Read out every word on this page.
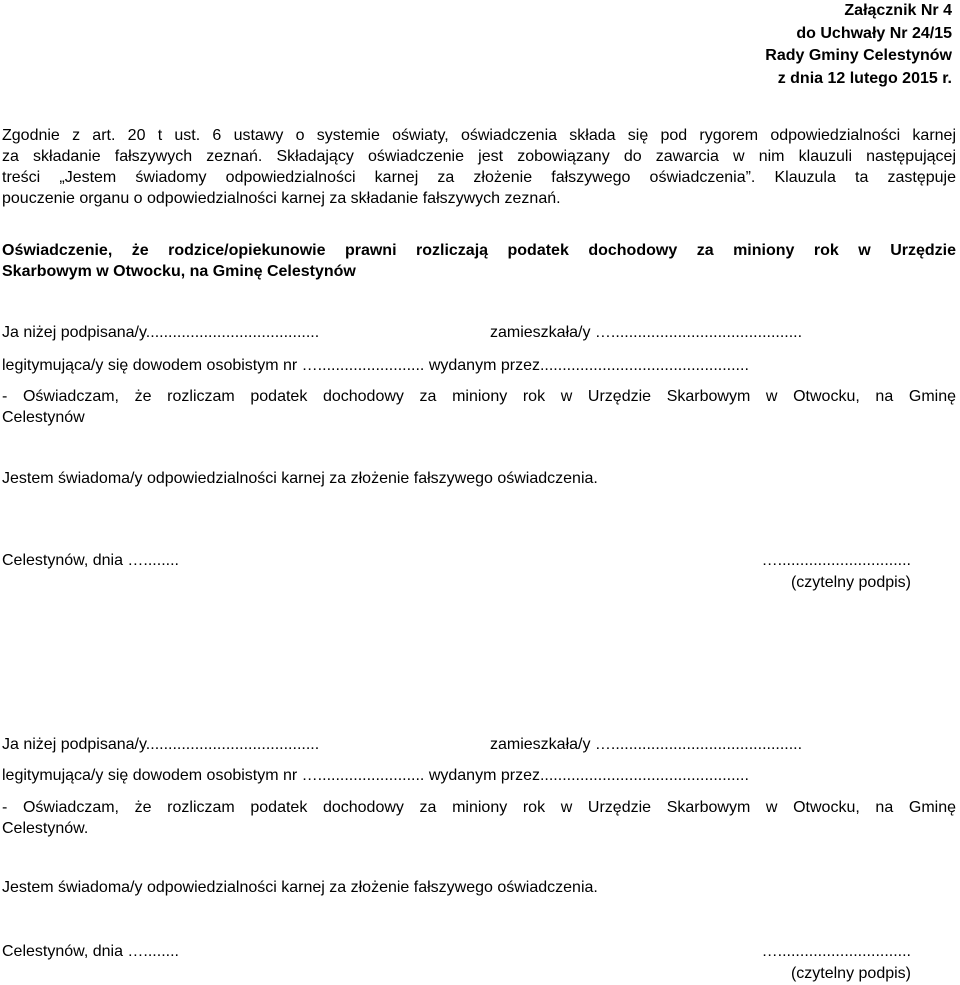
Załącznik Nr 4
do Uchwały Nr 24/15
Rady Gminy Celestynów
z dnia 12 lutego 2015 r.
Zgodnie z art. 20 t ust. 6 ustawy o systemie oświaty, oświadczenia składa się pod rygorem odpowiedzialności karnej
za składanie fałszywych zeznań. Składający oświadczenie jest zobowiązany do zawarcia w nim klauzuli następującej
treści „Jestem świadomy odpowiedzialności karnej za złożenie fałszywego oświadczenia”. Klauzula ta zastępuje
pouczenie organu o odpowiedzialności karnej za składanie fałszywych zeznań.
Oświadczenie, że rodzice/opiekunowie prawni rozliczają podatek dochodowy za miniony rok w Urzędzie
Skarbowym w Otwocku, na Gminę Celestynów
Ja niżej podpisana/y.......................................	zamieszkała/y …...........................................
legitymująca/y się dowodem osobistym nr …........................ wydanym przez...............................................
- Oświadczam, że rozliczam podatek dochodowy za miniony rok w Urzędzie Skarbowym w Otwocku, na Gminę
Celestynów
Jestem świadoma/y odpowiedzialności karnej za złożenie fałszywego oświadczenia.
Celestynów, dnia …........	…..............................
(czytelny podpis)
Ja niżej podpisana/y.......................................	zamieszkała/y …...........................................
legitymująca/y się dowodem osobistym nr …........................ wydanym przez...............................................
- Oświadczam, że rozliczam podatek dochodowy za miniony rok w Urzędzie Skarbowym w Otwocku, na Gminę
Celestynów.
Jestem świadoma/y odpowiedzialności karnej za złożenie fałszywego oświadczenia.
Celestynów, dnia …........	…..............................
(czytelny podpis)
